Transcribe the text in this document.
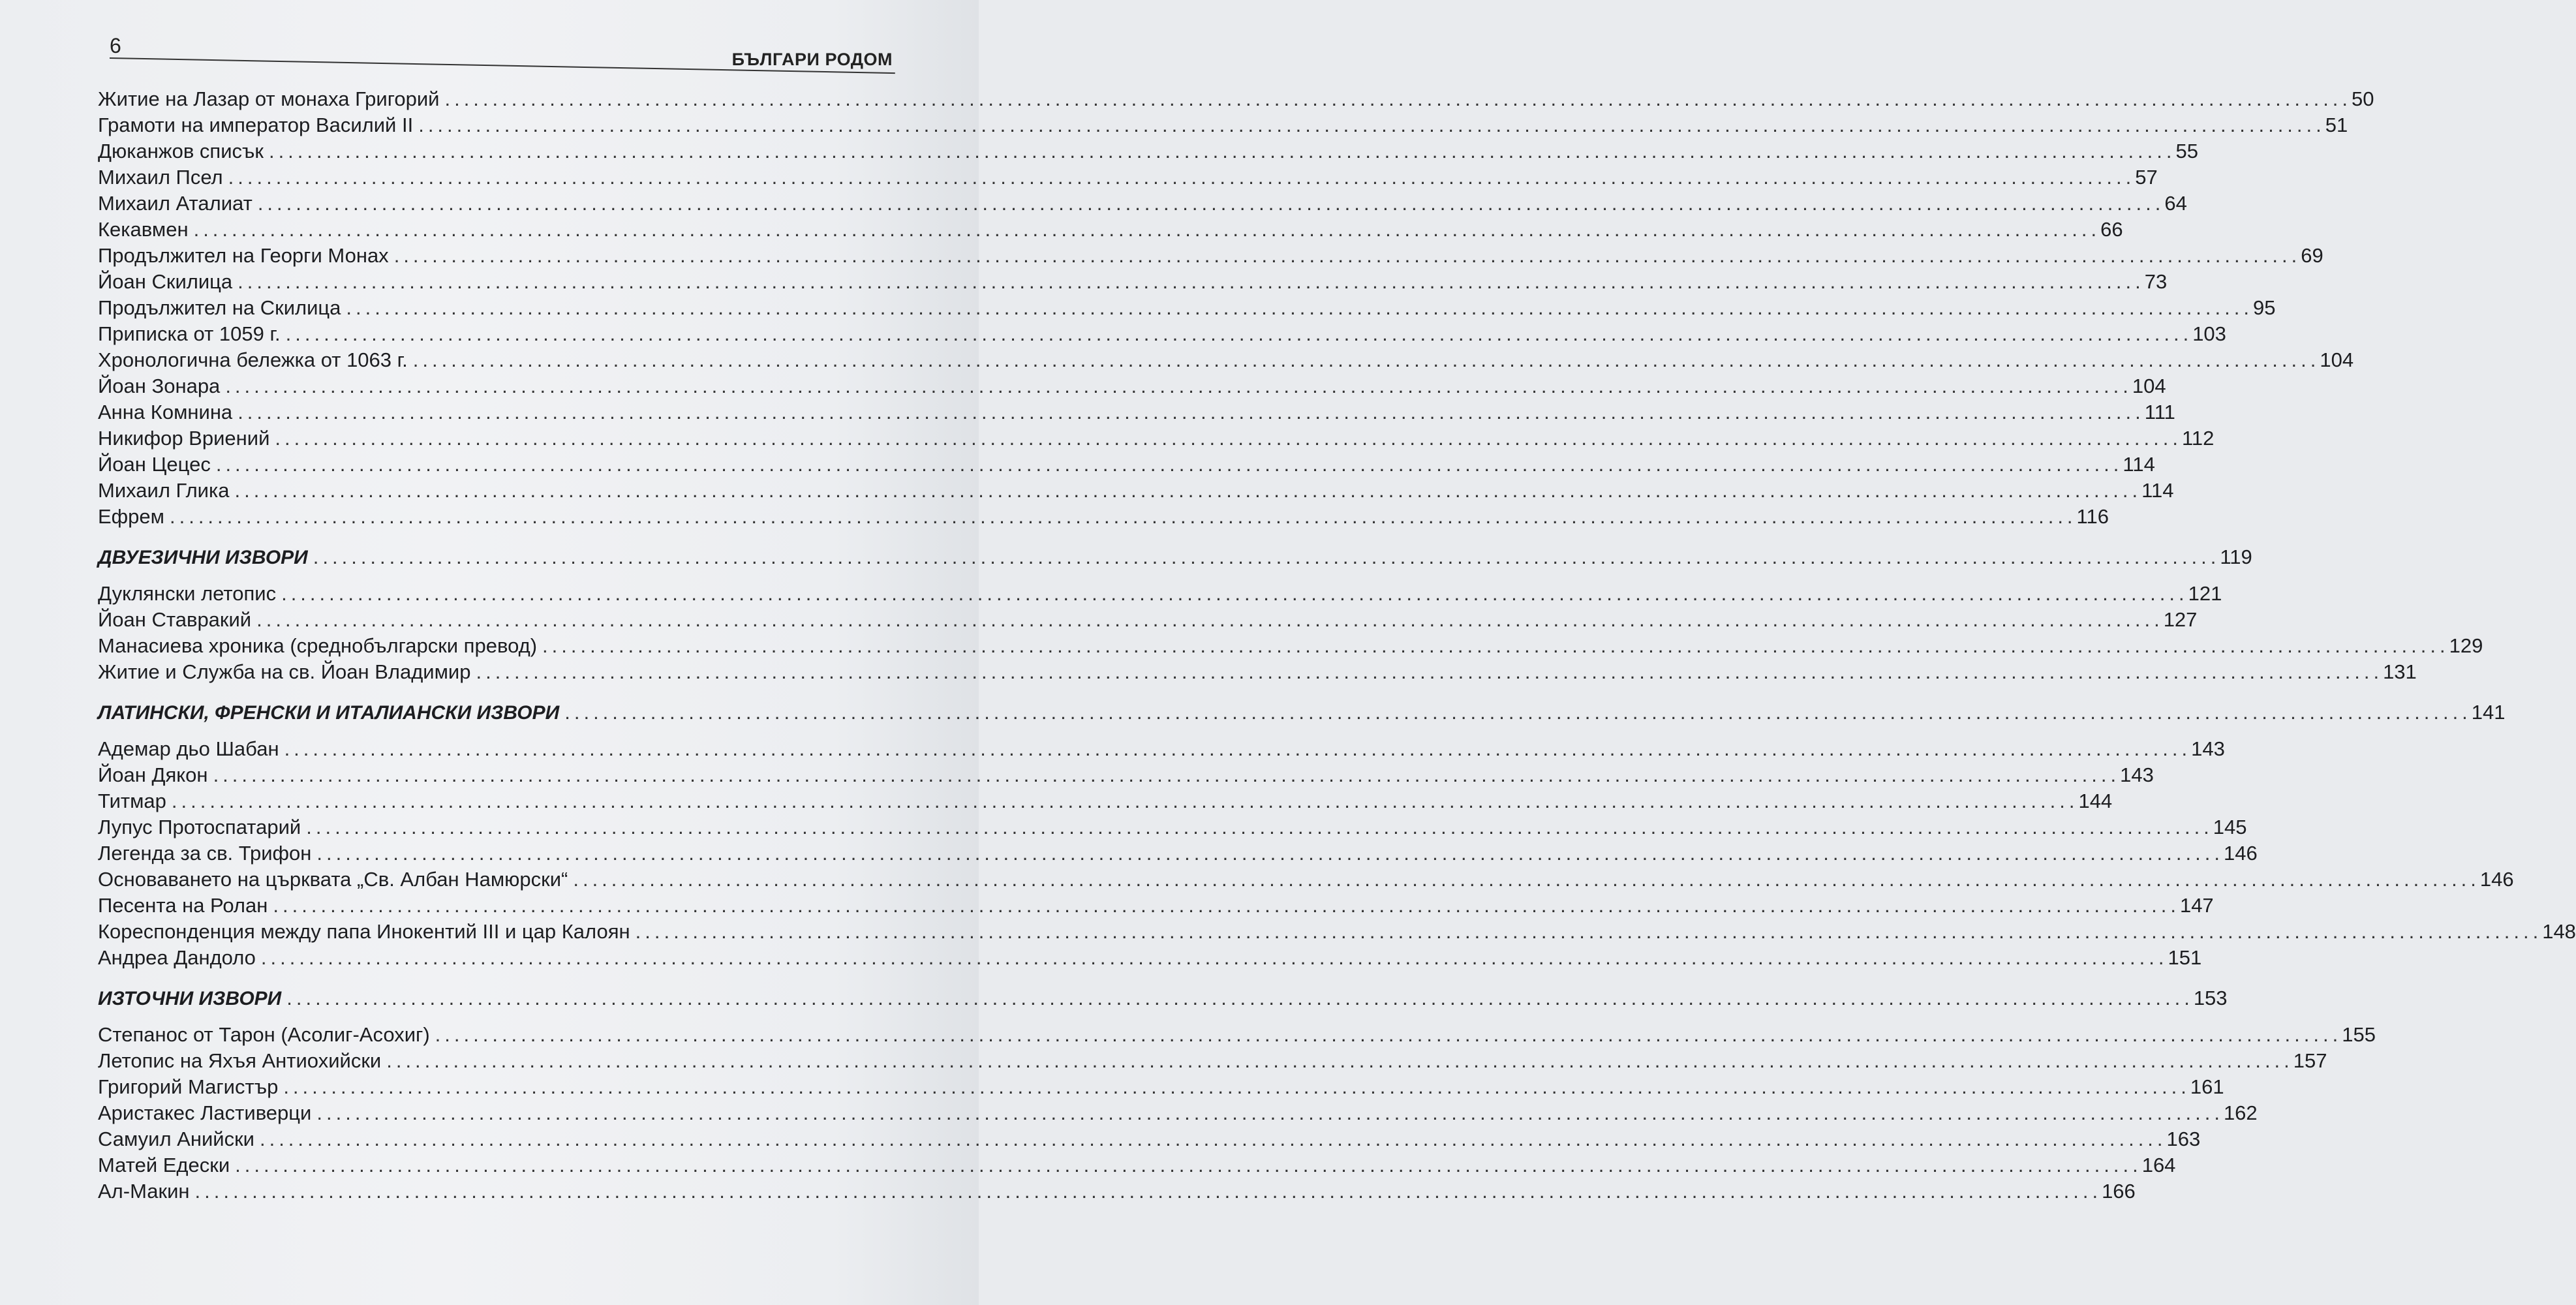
6
БЪЛГАРИ РОДОМ
Житие на Лазар от монаха Григорий ........................................................................................................................................................................................................ 50
Грамоти на император Василий II ........................................................................................................................................................................................................ 51
Дюканжов списък ........................................................................................................................................................................................................ 55
Михаил Псел ........................................................................................................................................................................................................ 57
Михаил Аталиат ........................................................................................................................................................................................................ 64
Кекавмен ........................................................................................................................................................................................................ 66
Продължител на Георги Монах ........................................................................................................................................................................................................ 69
Йоан Скилица ........................................................................................................................................................................................................ 73
Продължител на Скилица ........................................................................................................................................................................................................ 95
Приписка от 1059 г. ........................................................................................................................................................................................................ 103
Хронологична бележка от 1063 г. ........................................................................................................................................................................................................ 104
Йоан Зонара ........................................................................................................................................................................................................ 104
Анна Комнина ........................................................................................................................................................................................................ 111
Никифор Вриений ........................................................................................................................................................................................................ 112
Йоан Цецес ........................................................................................................................................................................................................ 114
Михаил Глика ........................................................................................................................................................................................................ 114
Ефрем ........................................................................................................................................................................................................ 116
ДВУЕЗИЧНИ ИЗВОРИ ........................................................................................................................................................................................................ 119
Дуклянски летопис ........................................................................................................................................................................................................ 121
Йоан Ставракий ........................................................................................................................................................................................................ 127
Манасиева хроника (среднобългарски превод) ........................................................................................................................................................................................................ 129
Житие и Служба на св. Йоан Владимир ........................................................................................................................................................................................................ 131
ЛАТИНСКИ, ФРЕНСКИ И ИТАЛИАНСКИ ИЗВОРИ ........................................................................................................................................................................................................ 141
Адемар дьо Шабан ........................................................................................................................................................................................................ 143
Йоан Дякон ........................................................................................................................................................................................................ 143
Титмар ........................................................................................................................................................................................................ 144
Лупус Протоспатарий ........................................................................................................................................................................................................ 145
Легенда за св. Трифон ........................................................................................................................................................................................................ 146
Основаването на църквата „Св. Албан Намюрски“ ........................................................................................................................................................................................................ 146
Песента на Ролан ........................................................................................................................................................................................................ 147
Кореспонденция между папа Инокентий III и цар Калоян ........................................................................................................................................................................................................ 148
Андреа Дандоло ........................................................................................................................................................................................................ 151
ИЗТОЧНИ ИЗВОРИ ........................................................................................................................................................................................................ 153
Степанос от Тарон (Асолиг-Асохиг) ........................................................................................................................................................................................................ 155
Летопис на Яхъя Антиохийски ........................................................................................................................................................................................................ 157
Григорий Магистър ........................................................................................................................................................................................................ 161
Аристакес Ластиверци ........................................................................................................................................................................................................ 162
Самуил Анийски ........................................................................................................................................................................................................ 163
Матей Едески ........................................................................................................................................................................................................ 164
Ал-Макин ........................................................................................................................................................................................................ 166
